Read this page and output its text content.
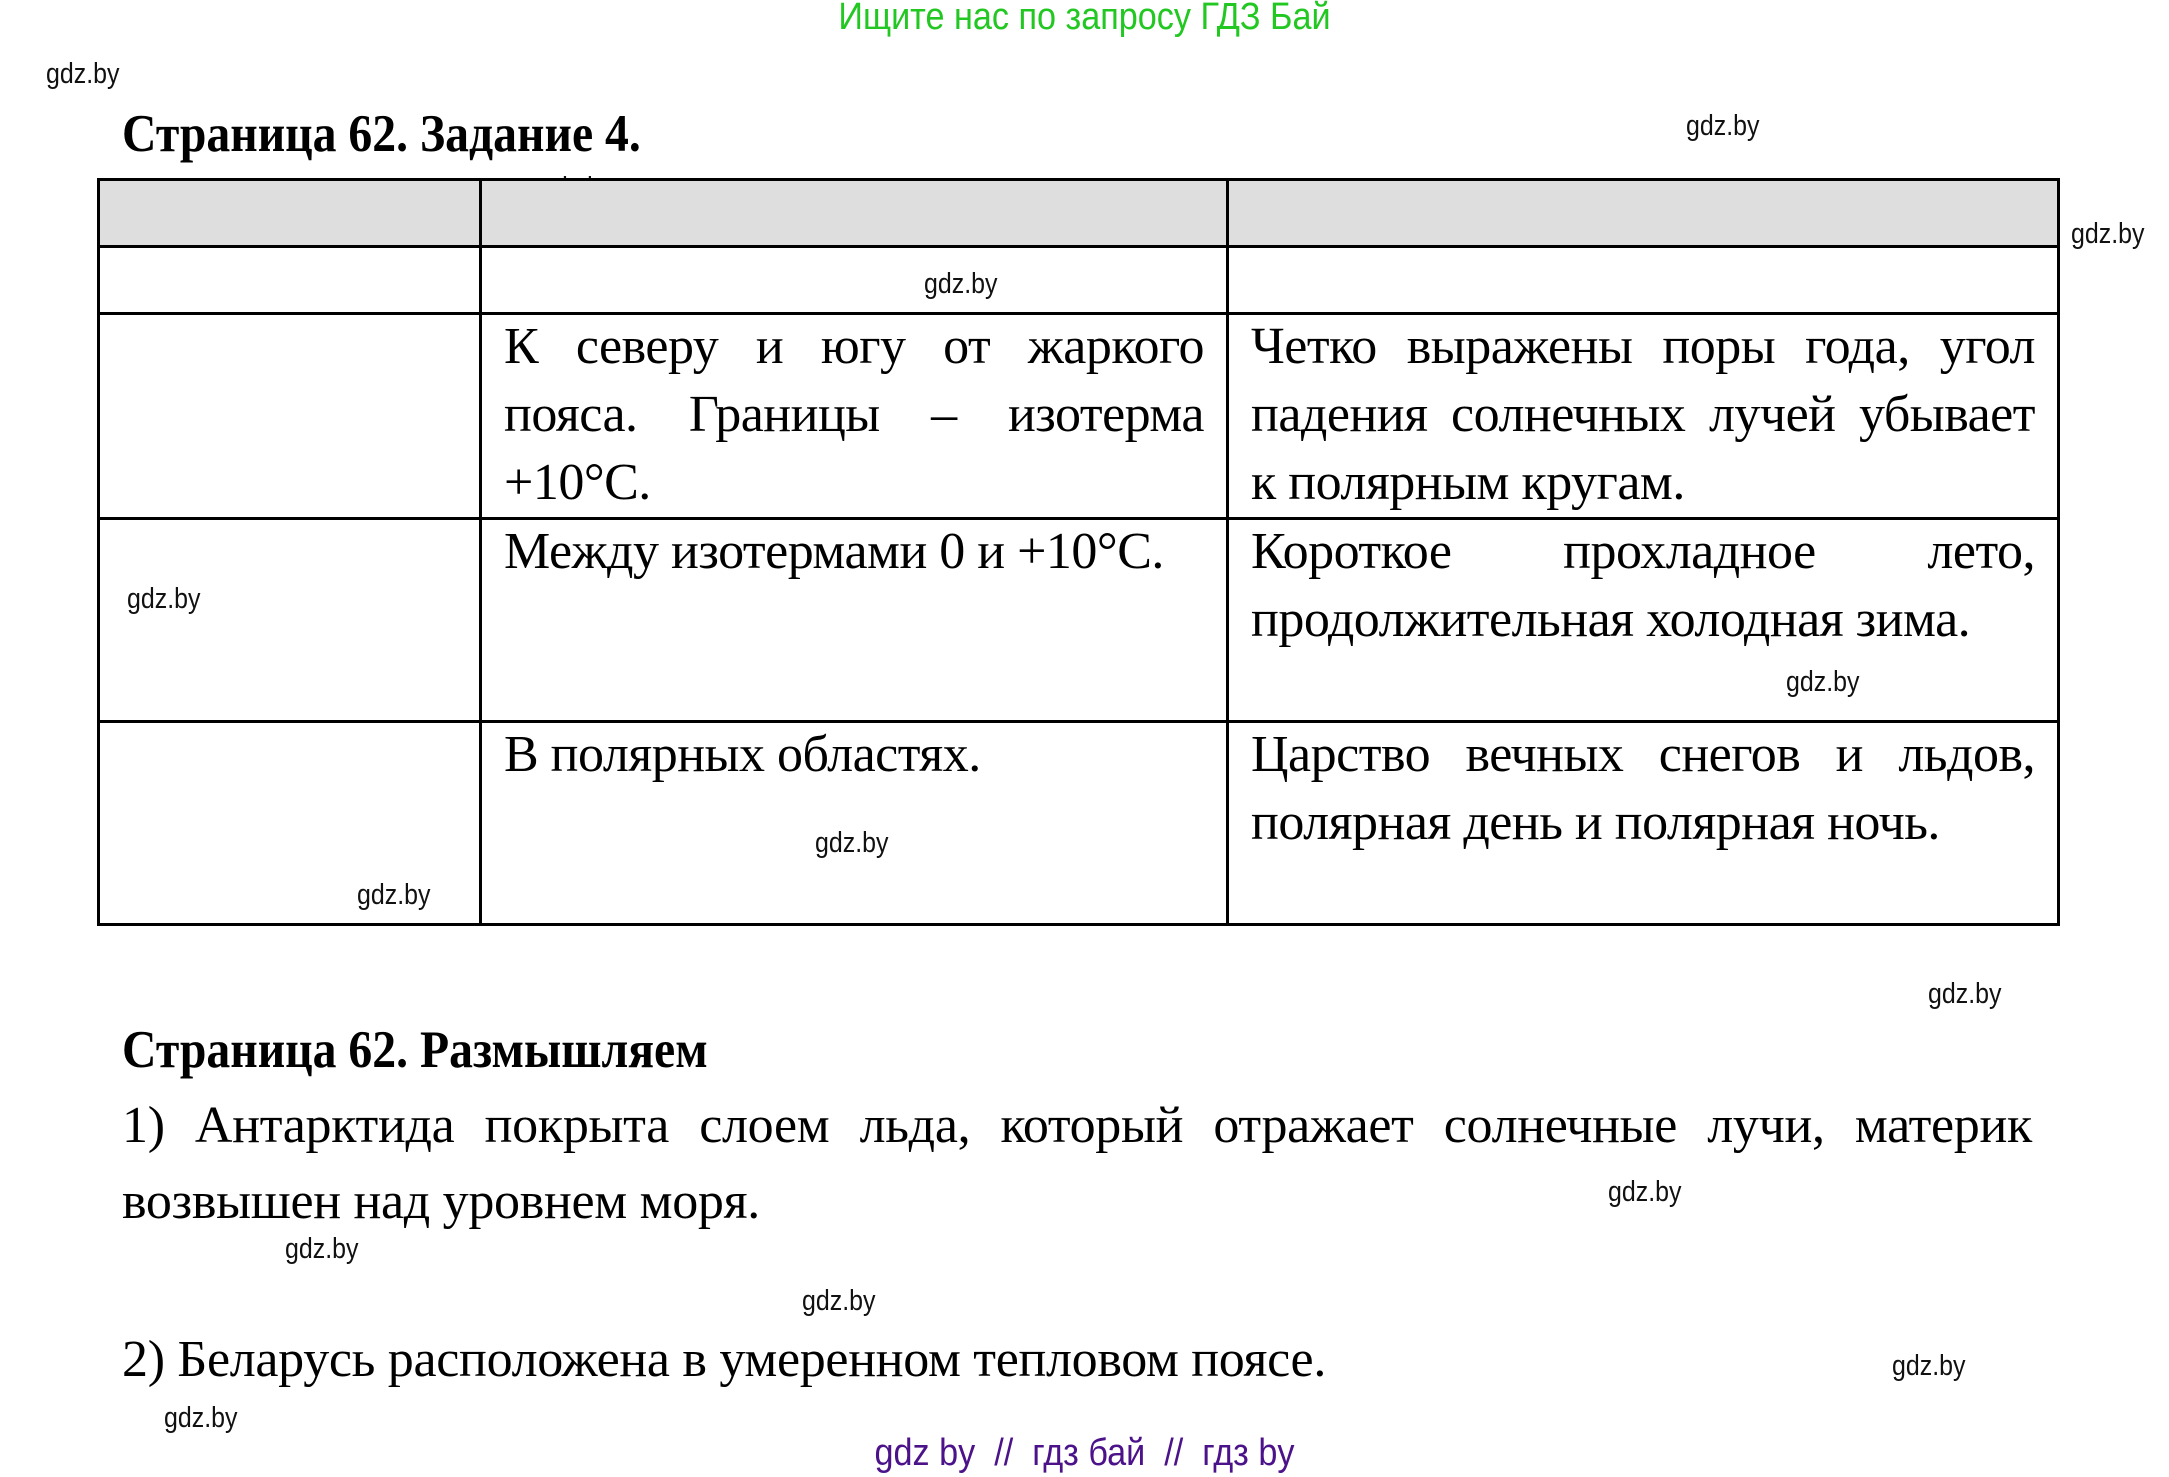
Ищите нас по запросу ГДЗ Бай
gdz.by
gdz.by
gdz.by
gdz.by
gdz.by
gdz.by
gdz.by
gdz.by
gdz.by
gdz.by
gdz.by
gdz.by
gdz.by
gdz.by
Страница 62. Задание 4.

	К северу и югу от жаркого пояса. Границы – изотерма +10°С.	Четко выражены поры года, угол падения солнечных лучей убывает к полярным кругам.

	Между изотермами 0 и +10°С.	Короткое прохладное лето, продолжительная холодная зима.

	В полярных областях.	Царство вечных снегов и льдов, полярная день и полярная ночь.
Страница 62. Размышляем
1) Антарктида покрыта слоем льда, который отражает солнечные лучи, материк возвышен над уровнем моря.
2) Беларусь расположена в умеренном тепловом поясе.
gdz by  //  гдз бай  //  гдз by
